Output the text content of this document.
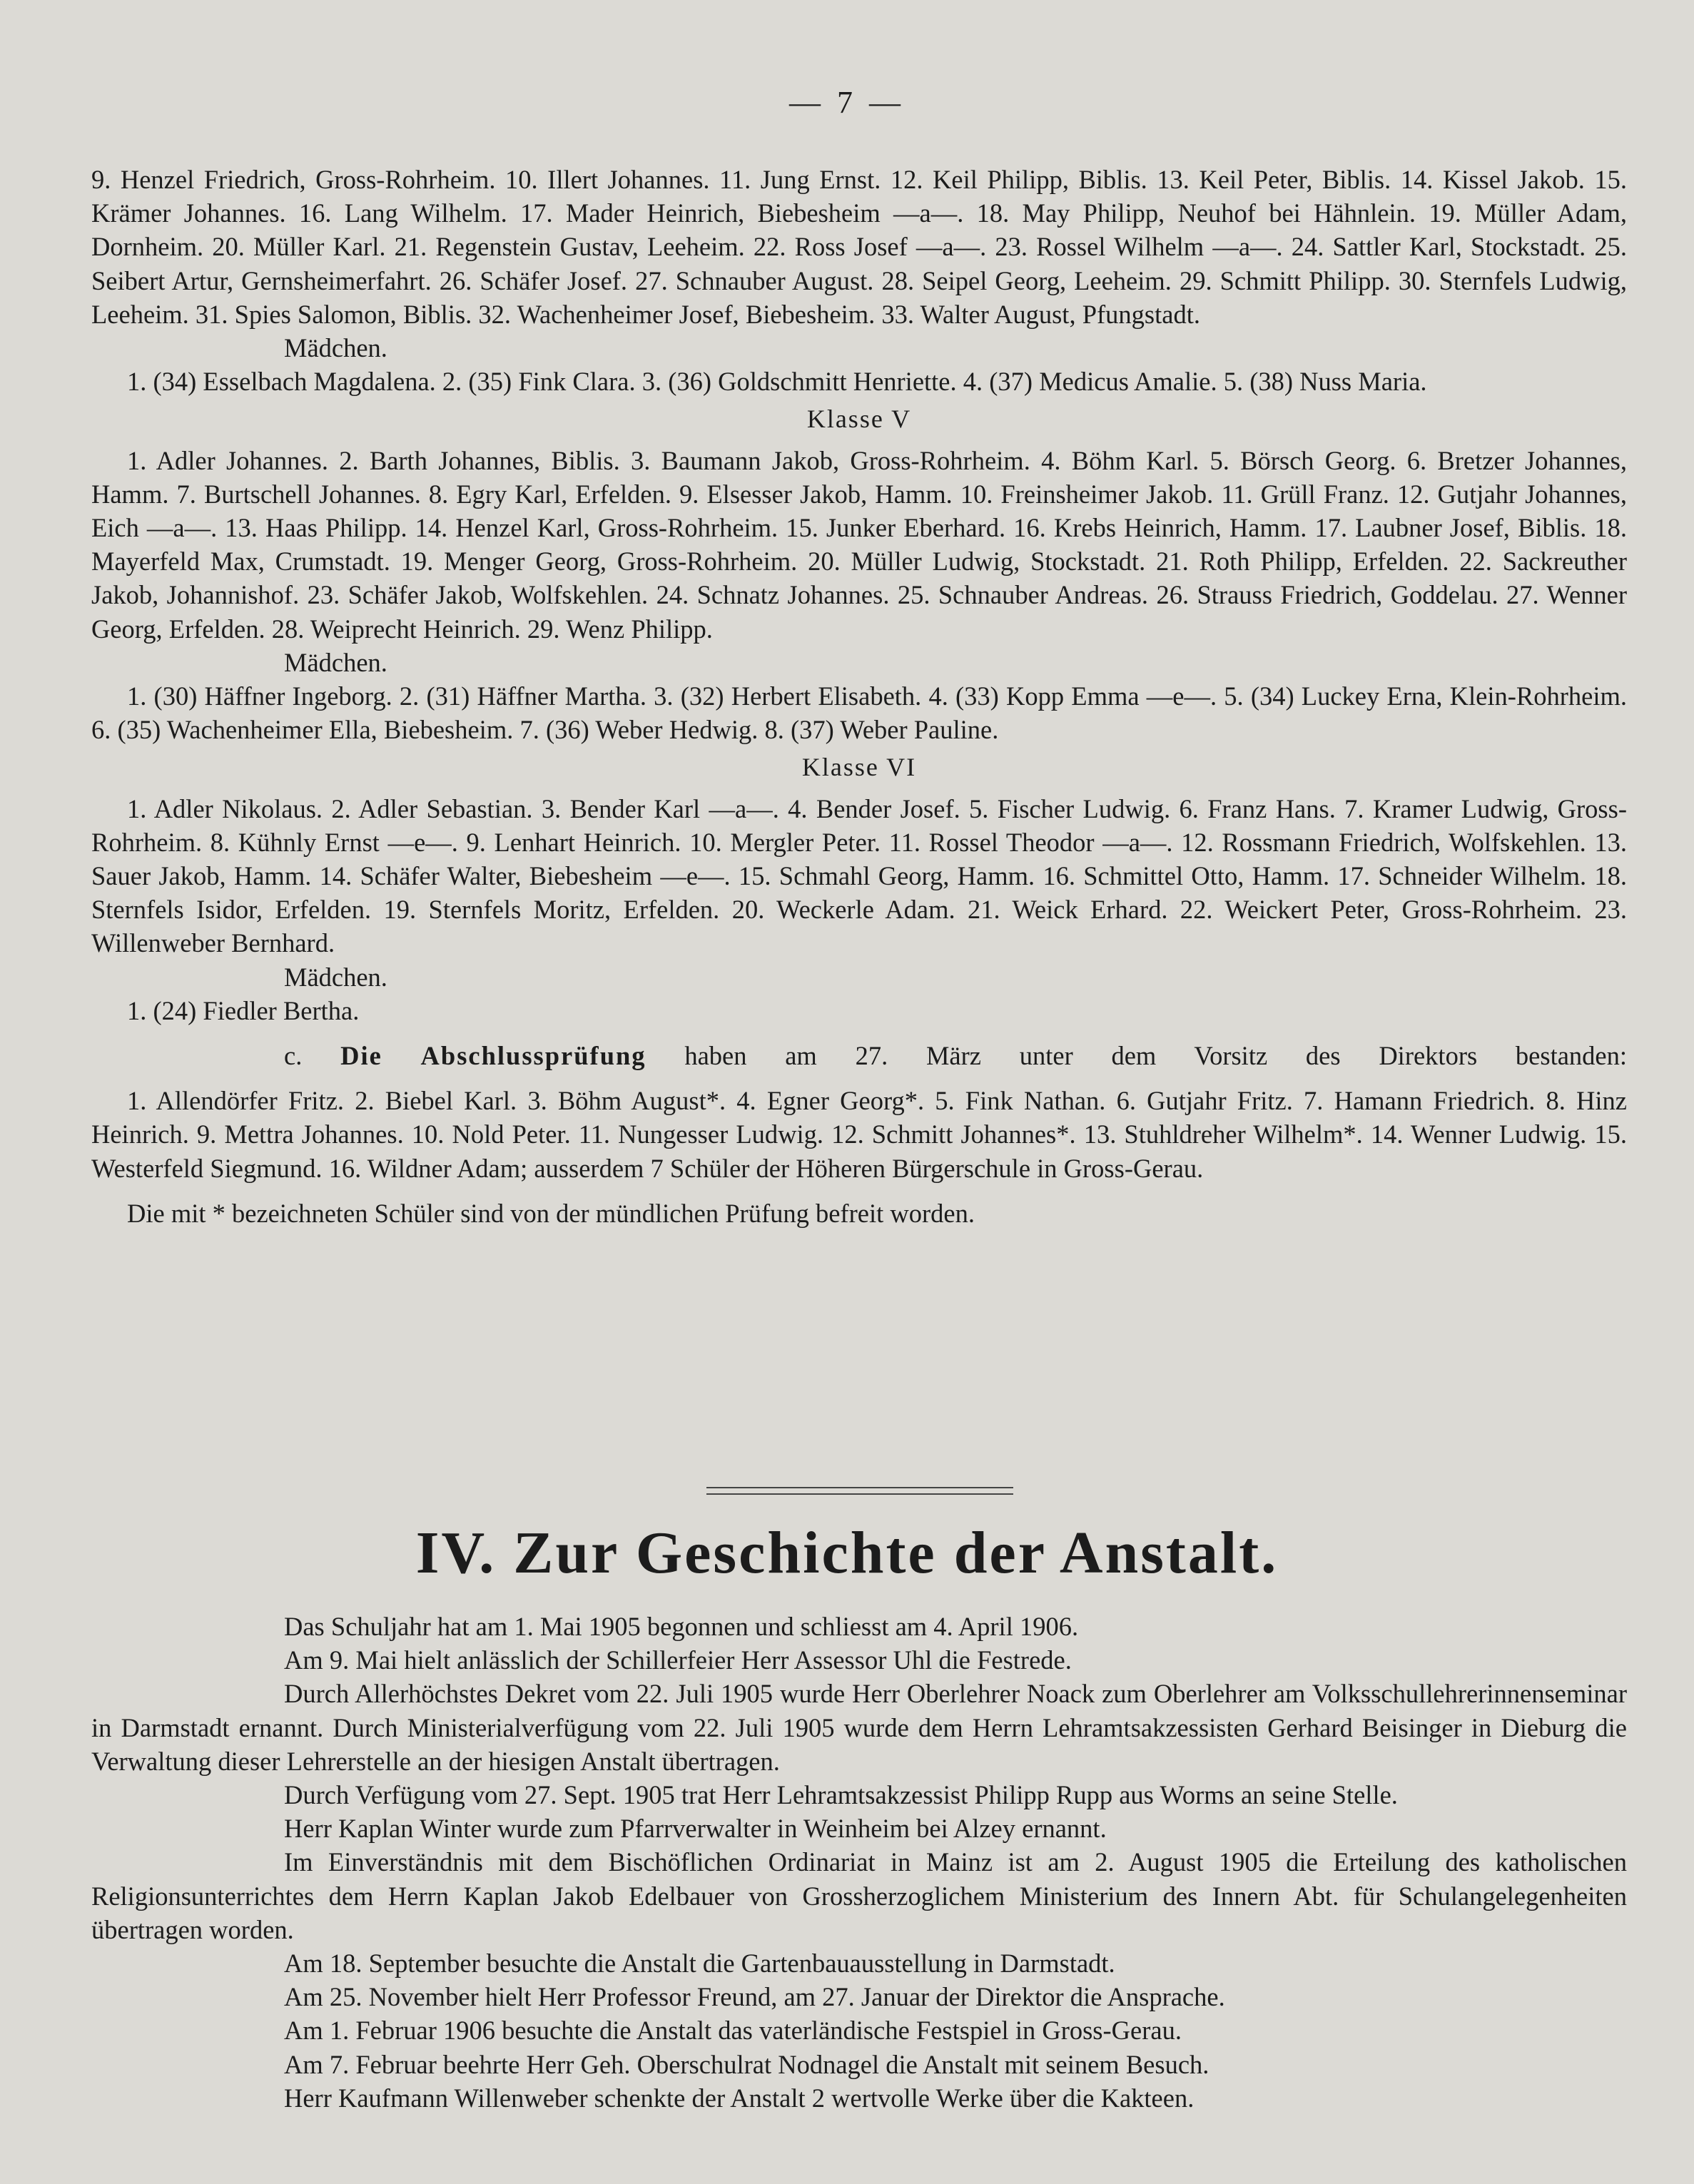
— 7 —

9. Henzel Friedrich, Gross-Rohrheim. 10. Illert Johannes. 11. Jung Ernst. 12. Keil Philipp, Biblis. 13. Keil Peter, Biblis. 14. Kissel Jakob. 15. Krämer Johannes. 16. Lang Wilhelm. 17. Mader Heinrich, Biebesheim —a—. 18. May Philipp, Neuhof bei Hähnlein. 19. Müller Adam, Dornheim. 20. Müller Karl. 21. Regenstein Gustav, Leeheim. 22. Ross Josef —a—. 23. Rossel Wilhelm —a—. 24. Sattler Karl, Stockstadt. 25. Seibert Artur, Gernsheimerfahrt. 26. Schäfer Josef. 27. Schnauber August. 28. Seipel Georg, Leeheim. 29. Schmitt Philipp. 30. Sternfels Ludwig, Leeheim. 31. Spies Salomon, Biblis. 32. Wachenheimer Josef, Biebesheim. 33. Walter August, Pfungstadt.

Mädchen.

1. (34) Esselbach Magdalena. 2. (35) Fink Clara. 3. (36) Goldschmitt Henriette. 4. (37) Medicus Amalie. 5. (38) Nuss Maria.

Klasse V

1. Adler Johannes. 2. Barth Johannes, Biblis. 3. Baumann Jakob, Gross-Rohrheim. 4. Böhm Karl. 5. Börsch Georg. 6. Bretzer Johannes, Hamm. 7. Burtschell Johannes. 8. Egry Karl, Erfelden. 9. Elsesser Jakob, Hamm. 10. Freinsheimer Jakob. 11. Grüll Franz. 12. Gutjahr Johannes, Eich —a—. 13. Haas Philipp. 14. Henzel Karl, Gross-Rohrheim. 15. Junker Eberhard. 16. Krebs Heinrich, Hamm. 17. Laubner Josef, Biblis. 18. Mayerfeld Max, Crumstadt. 19. Menger Georg, Gross-Rohrheim. 20. Müller Ludwig, Stockstadt. 21. Roth Philipp, Erfelden. 22. Sackreuther Jakob, Johannishof. 23. Schäfer Jakob, Wolfskehlen. 24. Schnatz Johannes. 25. Schnauber Andreas. 26. Strauss Friedrich, Goddelau. 27. Wenner Georg, Erfelden. 28. Weiprecht Heinrich. 29. Wenz Philipp.

Mädchen.

1. (30) Häffner Ingeborg. 2. (31) Häffner Martha. 3. (32) Herbert Elisabeth. 4. (33) Kopp Emma —e—. 5. (34) Luckey Erna, Klein-Rohrheim. 6. (35) Wachenheimer Ella, Biebesheim. 7. (36) Weber Hedwig. 8. (37) Weber Pauline.

Klasse VI

1. Adler Nikolaus. 2. Adler Sebastian. 3. Bender Karl —a—. 4. Bender Josef. 5. Fischer Ludwig. 6. Franz Hans. 7. Kramer Ludwig, Gross-Rohrheim. 8. Kühnly Ernst —e—. 9. Lenhart Heinrich. 10. Mergler Peter. 11. Rossel Theodor —a—. 12. Rossmann Friedrich, Wolfskehlen. 13. Sauer Jakob, Hamm. 14. Schäfer Walter, Biebesheim —e—. 15. Schmahl Georg, Hamm. 16. Schmittel Otto, Hamm. 17. Schneider Wilhelm. 18. Sternfels Isidor, Erfelden. 19. Sternfels Moritz, Erfelden. 20. Weckerle Adam. 21. Weick Erhard. 22. Weickert Peter, Gross-Rohrheim. 23. Willenweber Bernhard.

Mädchen.

1. (24) Fiedler Bertha.

c. Die Abschlussprüfung haben am 27. März unter dem Vorsitz des Direktors bestanden:

1. Allendörfer Fritz. 2. Biebel Karl. 3. Böhm August*. 4. Egner Georg*. 5. Fink Nathan. 6. Gutjahr Fritz. 7. Hamann Friedrich. 8. Hinz Heinrich. 9. Mettra Johannes. 10. Nold Peter. 11. Nungesser Ludwig. 12. Schmitt Johannes*. 13. Stuhldreher Wilhelm*. 14. Wenner Ludwig. 15. Westerfeld Siegmund. 16. Wildner Adam; ausserdem 7 Schüler der Höheren Bürgerschule in Gross-Gerau.

Die mit * bezeichneten Schüler sind von der mündlichen Prüfung befreit worden.

IV. Zur Geschichte der Anstalt.

Das Schuljahr hat am 1. Mai 1905 begonnen und schliesst am 4. April 1906.

Am 9. Mai hielt anlässlich der Schillerfeier Herr Assessor Uhl die Festrede.

Durch Allerhöchstes Dekret vom 22. Juli 1905 wurde Herr Oberlehrer Noack zum Oberlehrer am Volksschullehrerinnenseminar in Darmstadt ernannt. Durch Ministerialverfügung vom 22. Juli 1905 wurde dem Herrn Lehramtsakzessisten Gerhard Beisinger in Dieburg die Verwaltung dieser Lehrerstelle an der hiesigen Anstalt übertragen.

Durch Verfügung vom 27. Sept. 1905 trat Herr Lehramtsakzessist Philipp Rupp aus Worms an seine Stelle.

Herr Kaplan Winter wurde zum Pfarrverwalter in Weinheim bei Alzey ernannt.

Im Einverständnis mit dem Bischöflichen Ordinariat in Mainz ist am 2. August 1905 die Erteilung des katholischen Religionsunterrichtes dem Herrn Kaplan Jakob Edelbauer von Grossherzoglichem Ministerium des Innern Abt. für Schulangelegenheiten übertragen worden.

Am 18. September besuchte die Anstalt die Gartenbauausstellung in Darmstadt.

Am 25. November hielt Herr Professor Freund, am 27. Januar der Direktor die Ansprache.

Am 1. Februar 1906 besuchte die Anstalt das vaterländische Festspiel in Gross-Gerau.

Am 7. Februar beehrte Herr Geh. Oberschulrat Nodnagel die Anstalt mit seinem Besuch.

Herr Kaufmann Willenweber schenkte der Anstalt 2 wertvolle Werke über die Kakteen.
